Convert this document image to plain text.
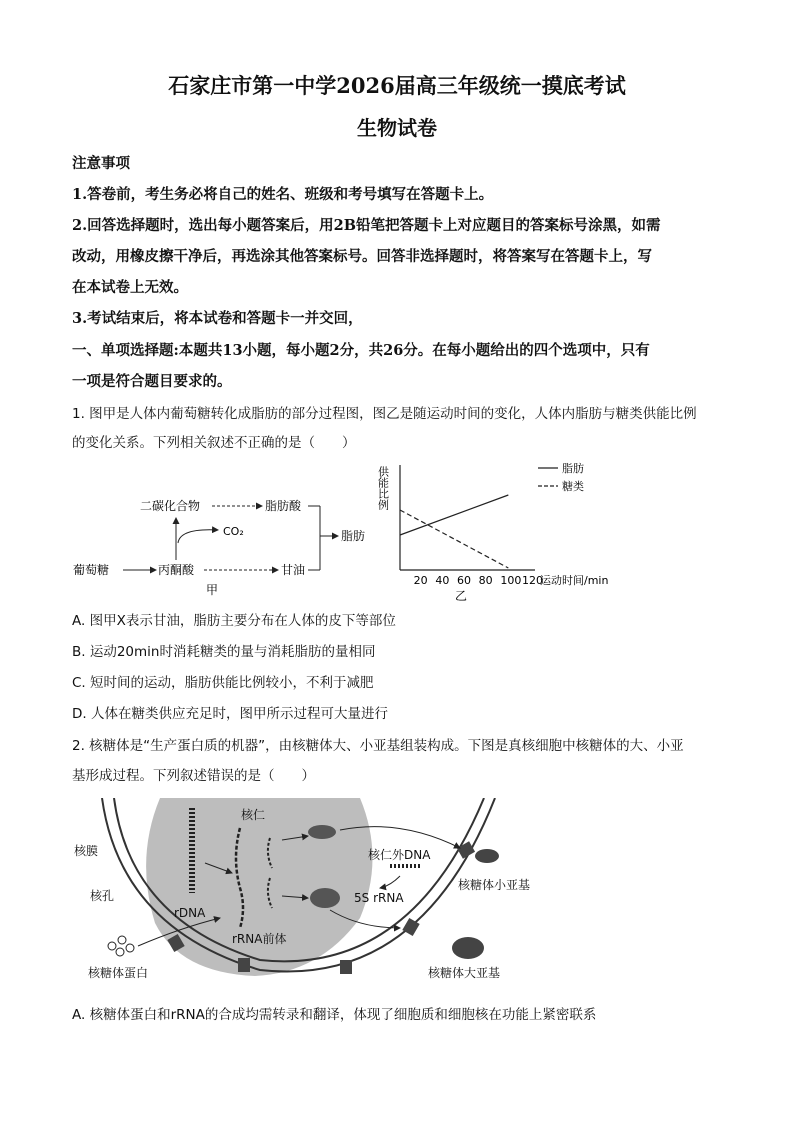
石家庄市第一中学2026届高三年级统一摸底考试
生物试卷
注意事项
1.答卷前，考生务必将自己的姓名、班级和考号填写在答题卡上。
2.回答选择题时，选出每小题答案后，用2B铅笔把答题卡上对应题目的答案标号涂黑，如需
改动，用橡皮擦干净后，再选涂其他答案标号。回答非选择题时，将答案写在答题卡上，写
在本试卷上无效。
3.考试结束后，将本试卷和答题卡一并交回，
一、单项选择题:本题共13小题，每小题2分，共26分。在每小题给出的四个选项中，只有
一项是符合题目要求的。
1. 图甲是人体内葡萄糖转化成脂肪的部分过程图，图乙是随运动时间的变化，人体内脂肪与糖类供能比例
的变化关系。下列相关叙述不正确的是（　　）
葡萄糖	丙酮酸	甘油
CO₂
二碳化合物	脂肪酸
脂肪
甲
供能比例
20 40 60 80 100 120
运动时间/min
乙
脂肪
糖类
A. 图甲X表示甘油，脂肪主要分布在人体的皮下等部位
B. 运动20min时消耗糖类的量与消耗脂肪的量相同
C. 短时间的运动，脂肪供能比例较小，不利于减肥
D. 人体在糖类供应充足时，图甲所示过程可大量进行
2. 核糖体是“生产蛋白质的机器”，由核糖体大、小亚基组装构成。下图是真核细胞中核糖体的大、小亚
基形成过程。下列叙述错误的是（　　）
核仁
核膜
核孔
rDNA
rRNA前体
核仁外DNA
5S rRNA
核糖体小亚基
核糖体大亚基
核糖体蛋白
A. 核糖体蛋白和rRNA的合成均需转录和翻译，体现了细胞质和细胞核在功能上紧密联系
